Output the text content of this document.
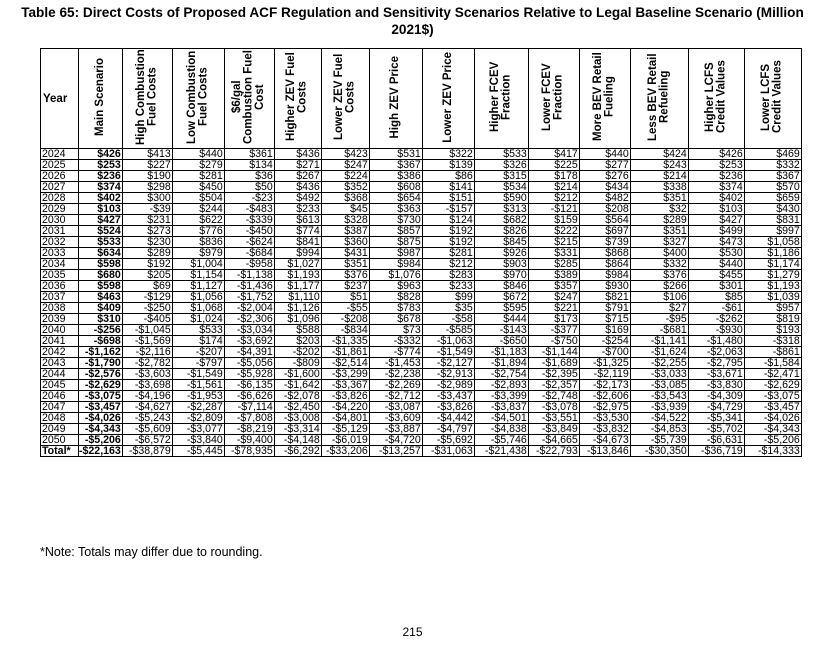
Table 65: Direct Costs of Proposed ACF Regulation and Sensitivity Scenarios Relative to Legal Baseline Scenario (Million 2021$)
Year	Main Scenario	High Combustion Fuel Costs	Low Combustion Fuel Costs	$6/gal Combustion Fuel Cost	Higher ZEV Fuel Costs	Lower ZEV Fuel Costs	High ZEV Price	Lower ZEV Price	Higher FCEV Fraction	Lower FCEV Fraction	More BEV Retail Fueling	Less BEV Retail Refueling	Higher LCFS Credit Values	Lower LCFS Credit Values
2024	$426	$413	$440	$361	$436	$423	$531	$322	$533	$417	$440	$424	$426	$469
2025	$253	$227	$279	$134	$271	$247	$367	$139	$326	$225	$277	$243	$253	$332
2026	$236	$190	$281	$36	$267	$224	$386	$86	$315	$178	$276	$214	$236	$367
2027	$374	$298	$450	$50	$436	$352	$608	$141	$534	$214	$434	$338	$374	$570
2028	$402	$300	$504	-$23	$492	$368	$654	$151	$590	$212	$482	$351	$402	$659
2029	$103	-$39	$244	-$483	$233	$45	$363	-$157	$313	-$121	$208	$32	$103	$430
2030	$427	$231	$622	-$339	$613	$328	$730	$124	$682	$159	$564	$289	$427	$831
2031	$524	$273	$776	-$450	$774	$387	$857	$192	$826	$222	$697	$351	$499	$997
2032	$533	$230	$836	-$624	$841	$360	$875	$192	$845	$215	$739	$327	$473	$1,058
2033	$634	$289	$979	-$684	$994	$431	$987	$281	$926	$331	$868	$400	$530	$1,186
2034	$598	$192	$1,004	-$958	$1,027	$351	$984	$212	$903	$285	$864	$332	$440	$1,174
2035	$680	$205	$1,154	-$1,138	$1,193	$376	$1,076	$283	$970	$389	$984	$376	$455	$1,279
2036	$598	$69	$1,127	-$1,436	$1,177	$237	$963	$233	$846	$357	$930	$266	$301	$1,193
2037	$463	-$129	$1,056	-$1,752	$1,110	$51	$828	$99	$672	$247	$821	$106	$85	$1,039
2038	$409	-$250	$1,068	-$2,004	$1,126	-$55	$783	$35	$595	$221	$791	$27	-$61	$957
2039	$310	-$405	$1,024	-$2,306	$1,096	-$208	$678	-$58	$444	$173	$715	-$95	-$262	$819
2040	-$256	-$1,045	$533	-$3,034	$588	-$834	$73	-$585	-$143	-$377	$169	-$681	-$930	$193
2041	-$698	-$1,569	$174	-$3,692	$203	-$1,335	-$332	-$1,063	-$650	-$750	-$254	-$1,141	-$1,480	-$318
2042	-$1,162	-$2,116	-$207	-$4,391	-$202	-$1,861	-$774	-$1,549	-$1,183	-$1,144	-$700	-$1,624	-$2,063	-$861
2043	-$1,790	-$2,782	-$797	-$5,056	-$809	-$2,514	-$1,453	-$2,127	-$1,894	-$1,689	-$1,325	-$2,255	-$2,795	-$1,584
2044	-$2,576	-$3,603	-$1,549	-$5,928	-$1,600	-$3,299	-$2,238	-$2,913	-$2,754	-$2,395	-$2,119	-$3,033	-$3,671	-$2,471
2045	-$2,629	-$3,698	-$1,561	-$6,135	-$1,642	-$3,367	-$2,269	-$2,989	-$2,893	-$2,357	-$2,173	-$3,085	-$3,830	-$2,629
2046	-$3,075	-$4,196	-$1,953	-$6,626	-$2,078	-$3,826	-$2,712	-$3,437	-$3,399	-$2,748	-$2,606	-$3,543	-$4,309	-$3,075
2047	-$3,457	-$4,627	-$2,287	-$7,114	-$2,450	-$4,220	-$3,087	-$3,826	-$3,837	-$3,078	-$2,975	-$3,939	-$4,729	-$3,457
2048	-$4,026	-$5,243	-$2,809	-$7,808	-$3,008	-$4,801	-$3,609	-$4,442	-$4,501	-$3,551	-$3,530	-$4,522	-$5,341	-$4,026
2049	-$4,343	-$5,609	-$3,077	-$8,219	-$3,314	-$5,129	-$3,887	-$4,797	-$4,838	-$3,849	-$3,832	-$4,853	-$5,702	-$4,343
2050	-$5,206	-$6,572	-$3,840	-$9,400	-$4,148	-$6,019	-$4,720	-$5,692	-$5,746	-$4,665	-$4,673	-$5,739	-$6,631	-$5,206
Total*	-$22,163	-$38,879	-$5,445	-$78,935	-$6,292	-$33,206	-$13,257	-$31,063	-$21,438	-$22,793	-$13,846	-$30,350	-$36,719	-$14,333
*Note: Totals may differ due to rounding.
215
